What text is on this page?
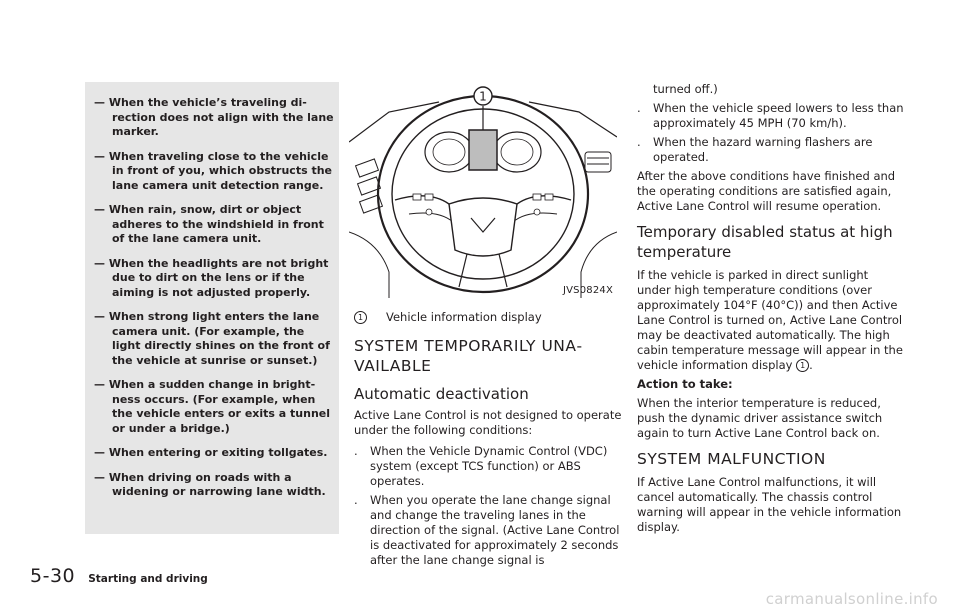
— When the vehicle’s traveling direction does not align with the lane marker.
— When traveling close to the vehicle in front of you, which obstructs the lane camera unit detection range.
— When rain, snow, dirt or object adheres to the windshield in front of the lane camera unit.
— When the headlights are not bright due to dirt on the lens or if the aiming is not adjusted properly.
— When strong light enters the lane camera unit. (For example, the light directly shines on the front of the vehicle at sunrise or sunset.)
— When a sudden change in brightness occurs. (For example, when the vehicle enters or exits a tunnel or under a bridge.)
— When entering or exiting tollgates.
— When driving on roads with a widening or narrowing lane width.
1
JVS0824X
1	Vehicle information display
SYSTEM TEMPORARILY UNAVAILABLE
Automatic deactivation
Active Lane Control is not designed to operate under the following conditions:
. When the Vehicle Dynamic Control (VDC) system (except TCS function) or ABS operates.
. When you operate the lane change signal and change the traveling lanes in the direction of the signal. (Active Lane Control is deactivated for approximately 2 seconds after the lane change signal is
turned off.)
. When the vehicle speed lowers to less than approximately 45 MPH (70 km/h).
. When the hazard warning flashers are operated.
After the above conditions have finished and the operating conditions are satisfied again, Active Lane Control will resume operation.
Temporary disabled status at high temperature
If the vehicle is parked in direct sunlight under high temperature conditions (over approximately 104°F (40°C)) and then Active Lane Control is turned on, Active Lane Control may be deactivated automatically. The high cabin temperature message will appear in the vehicle information display 1 .
Action to take:
When the interior temperature is reduced, push the dynamic driver assistance switch again to turn Active Lane Control back on.
SYSTEM MALFUNCTION
If Active Lane Control malfunctions, it will cancel automatically. The chassis control warning will appear in the vehicle information display.
5-30 Starting and driving
carmanualsonline.info
